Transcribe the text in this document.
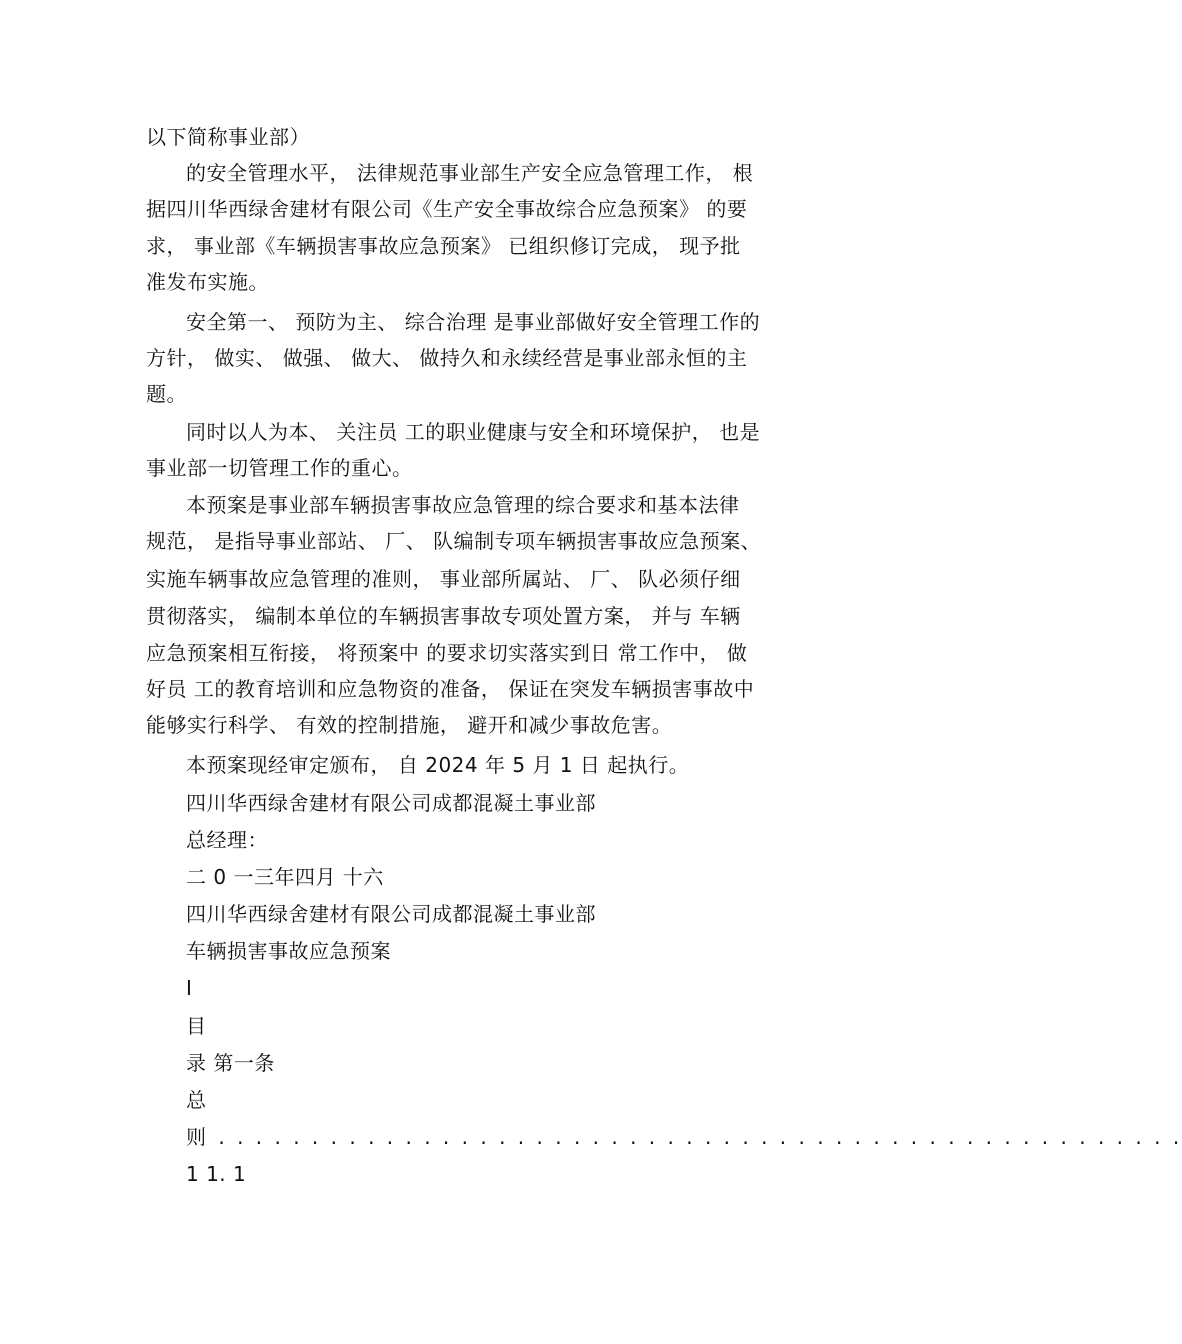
以下简称事业部）
的安全管理水平， 法律规范事业部生产安全应急管理工作， 根
据四川华西绿舍建材有限公司《生产安全事故综合应急预案》 的要
求， 事业部《车辆损害事故应急预案》 已组织修订完成， 现予批
准发布实施。
安全第一、 预防为主、 综合治理 是事业部做好安全管理工作的
方针， 做实、 做强、 做大、 做持久和永续经营是事业部永恒的主
题。
同时以人为本、 关注员 工的职业健康与安全和环境保护， 也是
事业部一切管理工作的重心。
本预案是事业部车辆损害事故应急管理的综合要求和基本法律
规范， 是指导事业部站、 厂、 队编制专项车辆损害事故应急预案、
实施车辆事故应急管理的准则， 事业部所属站、 厂、 队必须仔细
贯彻落实， 编制本单位的车辆损害事故专项处置方案， 并与 车辆
应急预案相互衔接， 将预案中 的要求切实落实到日 常工作中， 做
好员 工的教育培训和应急物资的准备， 保证在突发车辆损害事故中
能够实行科学、 有效的控制措施， 避开和减少事故危害。
本预案现经审定颁布， 自 2024 年 5 月 1 日 起执行。
四川华西绿舍建材有限公司成都混凝土事业部
总经理：
二 0 一三年四月 十六
四川华西绿舍建材有限公司成都混凝土事业部
车辆损害事故应急预案
I
目
录 第一条
总
则 . . . . . . . . . . . . . . . . . . . . . . . . . . . . . . . . . . . . . . . . . . . . . . . . . . . .
1 1. 1
